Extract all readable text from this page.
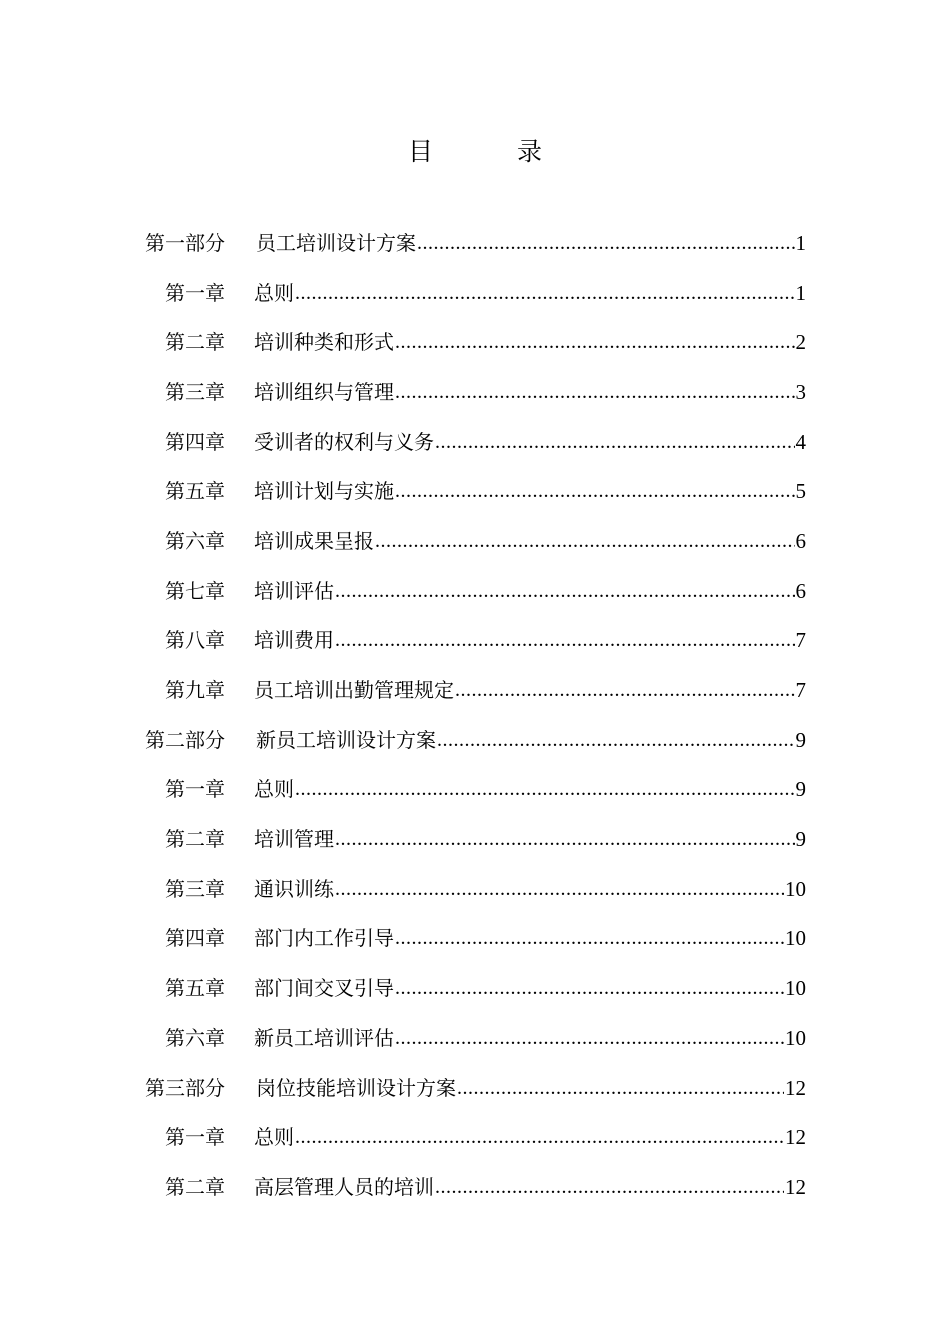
目 录
第一部分	员工培训设计方案 .....	1
第一章	总则 .....	1
第二章	培训种类和形式 .....	2
第三章	培训组织与管理 .....	3
第四章	受训者的权利与义务 .....	4
第五章	培训计划与实施 .....	5
第六章	培训成果呈报 .....	6
第七章	培训评估 .....	6
第八章	培训费用 .....	7
第九章	员工培训出勤管理规定 .....	7
第二部分	新员工培训设计方案 .....	9
第一章	总则 .....	9
第二章	培训管理 .....	9
第三章	通识训练 .....	10
第四章	部门内工作引导 .....	10
第五章	部门间交叉引导 .....	10
第六章	新员工培训评估 .....	10
第三部分	岗位技能培训设计方案 .....	12
第一章	总则 .....	12
第二章	高层管理人员的培训 .....	12
